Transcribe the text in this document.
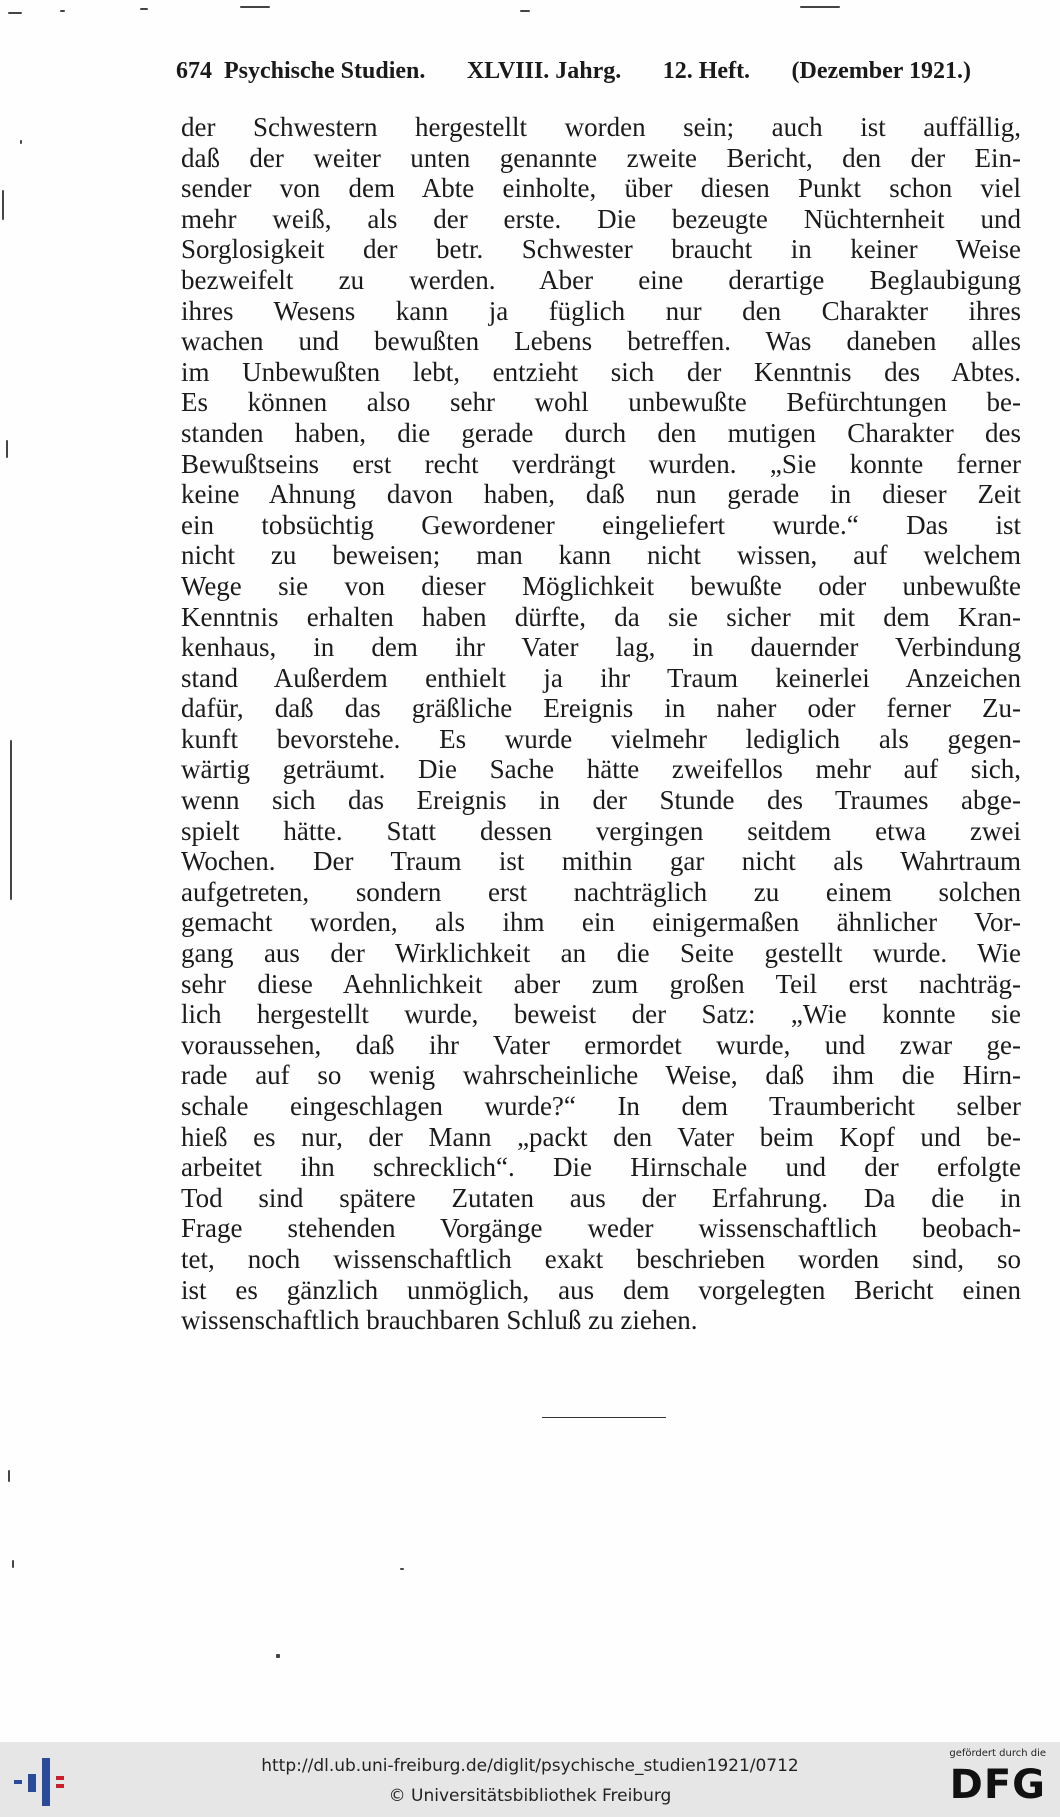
674 Psychische Studien. XLVIII. Jahrg. 12. Heft. (Dezember 1921.)
der Schwestern hergestellt worden sein; auch ist auffällig,
daß der weiter unten genannte zweite Bericht, den der Ein-
sender von dem Abte einholte, über diesen Punkt schon viel
mehr weiß, als der erste. Die bezeugte Nüchternheit und
Sorglosigkeit der betr. Schwester braucht in keiner Weise
bezweifelt zu werden. Aber eine derartige Beglaubigung
ihres Wesens kann ja füglich nur den Charakter ihres
wachen und bewußten Lebens betreffen. Was daneben alles
im Unbewußten lebt, entzieht sich der Kenntnis des Abtes.
Es können also sehr wohl unbewußte Befürchtungen be-
standen haben, die gerade durch den mutigen Charakter des
Bewußtseins erst recht verdrängt wurden. „Sie konnte ferner
keine Ahnung davon haben, daß nun gerade in dieser Zeit
ein tobsüchtig Gewordener eingeliefert wurde.“ Das ist
nicht zu beweisen; man kann nicht wissen, auf welchem
Wege sie von dieser Möglichkeit bewußte oder unbewußte
Kenntnis erhalten haben dürfte, da sie sicher mit dem Kran-
kenhaus, in dem ihr Vater lag, in dauernder Verbindung
stand Außerdem enthielt ja ihr Traum keinerlei Anzeichen
dafür, daß das gräßliche Ereignis in naher oder ferner Zu-
kunft bevorstehe. Es wurde vielmehr lediglich als gegen-
wärtig geträumt. Die Sache hätte zweifellos mehr auf sich,
wenn sich das Ereignis in der Stunde des Traumes abge-
spielt hätte. Statt dessen vergingen seitdem etwa zwei
Wochen. Der Traum ist mithin gar nicht als Wahrtraum
aufgetreten, sondern erst nachträglich zu einem solchen
gemacht worden, als ihm ein einigermaßen ähnlicher Vor-
gang aus der Wirklichkeit an die Seite gestellt wurde. Wie
sehr diese Aehnlichkeit aber zum großen Teil erst nachträg-
lich hergestellt wurde, beweist der Satz: „Wie konnte sie
voraussehen, daß ihr Vater ermordet wurde, und zwar ge-
rade auf so wenig wahrscheinliche Weise, daß ihm die Hirn-
schale eingeschlagen wurde?“ In dem Traumbericht selber
hieß es nur, der Mann „packt den Vater beim Kopf und be-
arbeitet ihn schrecklich“. Die Hirnschale und der erfolgte
Tod sind spätere Zutaten aus der Erfahrung. Da die in
Frage stehenden Vorgänge weder wissenschaftlich beobach-
tet, noch wissenschaftlich exakt beschrieben worden sind, so
ist es gänzlich unmöglich, aus dem vorgelegten Bericht einen
wissenschaftlich brauchbaren Schluß zu ziehen.
http://dl.ub.uni-freiburg.de/diglit/psychische_studien1921/0712
© Universitätsbibliothek Freiburg
gefördert durch die
DFG
